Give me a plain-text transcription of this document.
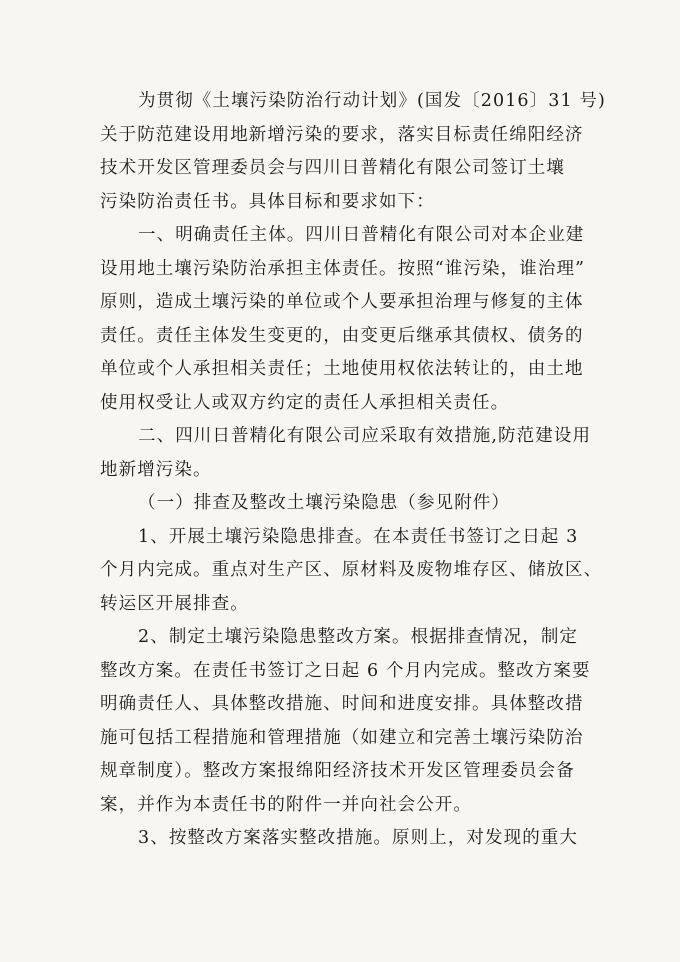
为贯彻《土壤污染防治行动计划》(国发〔2016〕31 号)
关于防范建设用地新增污染的要求，落实目标责任绵阳经济
技术开发区管理委员会与四川日普精化有限公司签订土壤
污染防治责任书。具体目标和要求如下：
一、明确责任主体。四川日普精化有限公司对本企业建
设用地土壤污染防治承担主体责任。按照“谁污染，谁治理”
原则，造成土壤污染的单位或个人要承担治理与修复的主体
责任。责任主体发生变更的，由变更后继承其债权、债务的
单位或个人承担相关责任；土地使用权依法转让的，由土地
使用权受让人或双方约定的责任人承担相关责任。
二、四川日普精化有限公司应采取有效措施,防范建设用
地新增污染。
（一）排查及整改土壤污染隐患（参见附件）
1、开展土壤污染隐患排查。在本责任书签订之日起 3
个月内完成。重点对生产区、原材料及废物堆存区、储放区、
转运区开展排查。
2、制定土壤污染隐患整改方案。根据排查情况，制定
整改方案。在责任书签订之日起 6 个月内完成。整改方案要
明确责任人、具体整改措施、时间和进度安排。具体整改措
施可包括工程措施和管理措施（如建立和完善土壤污染防治
规章制度）。整改方案报绵阳经济技术开发区管理委员会备
案，并作为本责任书的附件一并向社会公开。
3、按整改方案落实整改措施。原则上，对发现的重大
